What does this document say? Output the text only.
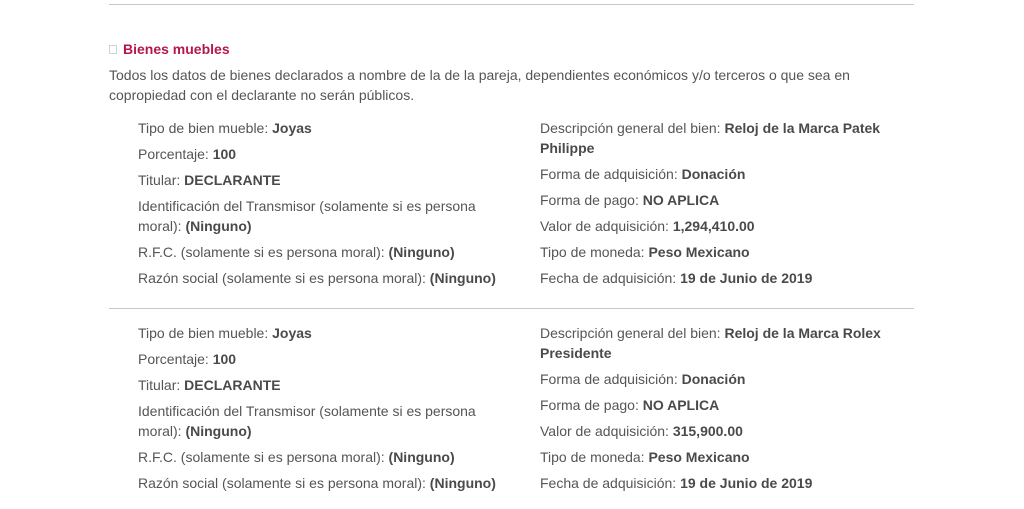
Bienes muebles
Todos los datos de bienes declarados a nombre de la de la pareja, dependientes económicos y/o terceros o que sea en copropiedad con el declarante no serán públicos.
Tipo de bien mueble: Joyas
Porcentaje: 100
Titular: DECLARANTE
Identificación del Transmisor (solamente si es persona moral): (Ninguno)
R.F.C. (solamente si es persona moral): (Ninguno)
Razón social (solamente si es persona moral): (Ninguno)
Descripción general del bien: Reloj de la Marca Patek Philippe
Forma de adquisición: Donación
Forma de pago: NO APLICA
Valor de adquisición: 1,294,410.00
Tipo de moneda: Peso Mexicano
Fecha de adquisición: 19 de Junio de 2019
Tipo de bien mueble: Joyas
Porcentaje: 100
Titular: DECLARANTE
Identificación del Transmisor (solamente si es persona moral): (Ninguno)
R.F.C. (solamente si es persona moral): (Ninguno)
Razón social (solamente si es persona moral): (Ninguno)
Descripción general del bien: Reloj de la Marca Rolex Presidente
Forma de adquisición: Donación
Forma de pago: NO APLICA
Valor de adquisición: 315,900.00
Tipo de moneda: Peso Mexicano
Fecha de adquisición: 19 de Junio de 2019
